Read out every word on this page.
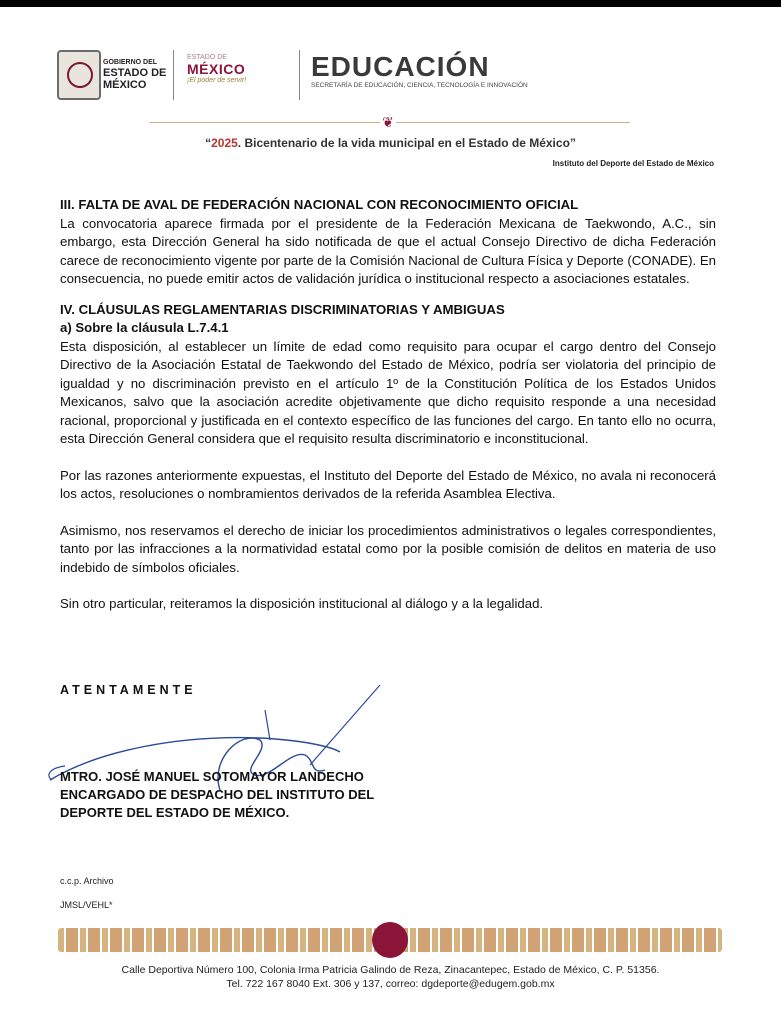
GOBIERNO DEL
ESTADO DE
MÉXICO
ESTADO DE
MÉXICO
¡El poder de servir! EDUCACIÓN
SECRETARÍA DE EDUCACIÓN, CIENCIA, TECNOLOGÍA E INNOVACIÓN
❦
“2025. Bicentenario de la vida municipal en el Estado de México”
Instituto del Deporte del Estado de México
III. FALTA DE AVAL DE FEDERACIÓN NACIONAL CON RECONOCIMIENTO OFICIAL

La convocatoria aparece firmada por el presidente de la Federación Mexicana de Taekwondo, A.C., sin embargo, esta Dirección General ha sido notificada de que el actual Consejo Directivo de dicha Federación carece de reconocimiento vigente por parte de la Comisión Nacional de Cultura Física y Deporte (CONADE). En consecuencia, no puede emitir actos de validación jurídica o institucional respecto a asociaciones estatales.

IV. CLÁUSULAS REGLAMENTARIAS DISCRIMINATORIAS Y AMBIGUAS
a) Sobre la cláusula L.7.4.1

Esta disposición, al establecer un límite de edad como requisito para ocupar el cargo dentro del Consejo Directivo de la Asociación Estatal de Taekwondo del Estado de México, podría ser violatoria del principio de igualdad y no discriminación previsto en el artículo 1º de la Constitución Política de los Estados Unidos Mexicanos, salvo que la asociación acredite objetivamente que dicho requisito responde a una necesidad racional, proporcional y justificada en el contexto específico de las funciones del cargo. En tanto ello no ocurra, esta Dirección General considera que el requisito resulta discriminatorio e inconstitucional.

Por las razones anteriormente expuestas, el Instituto del Deporte del Estado de México, no avala ni reconocerá los actos, resoluciones o nombramientos derivados de la referida Asamblea Electiva.

Asimismo, nos reservamos el derecho de iniciar los procedimientos administrativos o legales correspondientes, tanto por las infracciones a la normatividad estatal como por la posible comisión de delitos en materia de uso indebido de símbolos oficiales.

Sin otro particular, reiteramos la disposición institucional al diálogo y a la legalidad.

ATENTAMENTE
MTRO. JOSÉ MANUEL SOTOMAYOR LANDECHO
ENCARGADO DE DESPACHO DEL INSTITUTO DEL
DEPORTE DEL ESTADO DE MÉXICO.
c.c.p. Archivo
JMSL/VEHL*
Calle Deportiva Número 100, Colonia Irma Patricia Galindo de Reza, Zinacantepec, Estado de México, C. P. 51356.
Tel. 722 167 8040 Ext. 306 y 137, correo: dgdeporte@edugem.gob.mx
